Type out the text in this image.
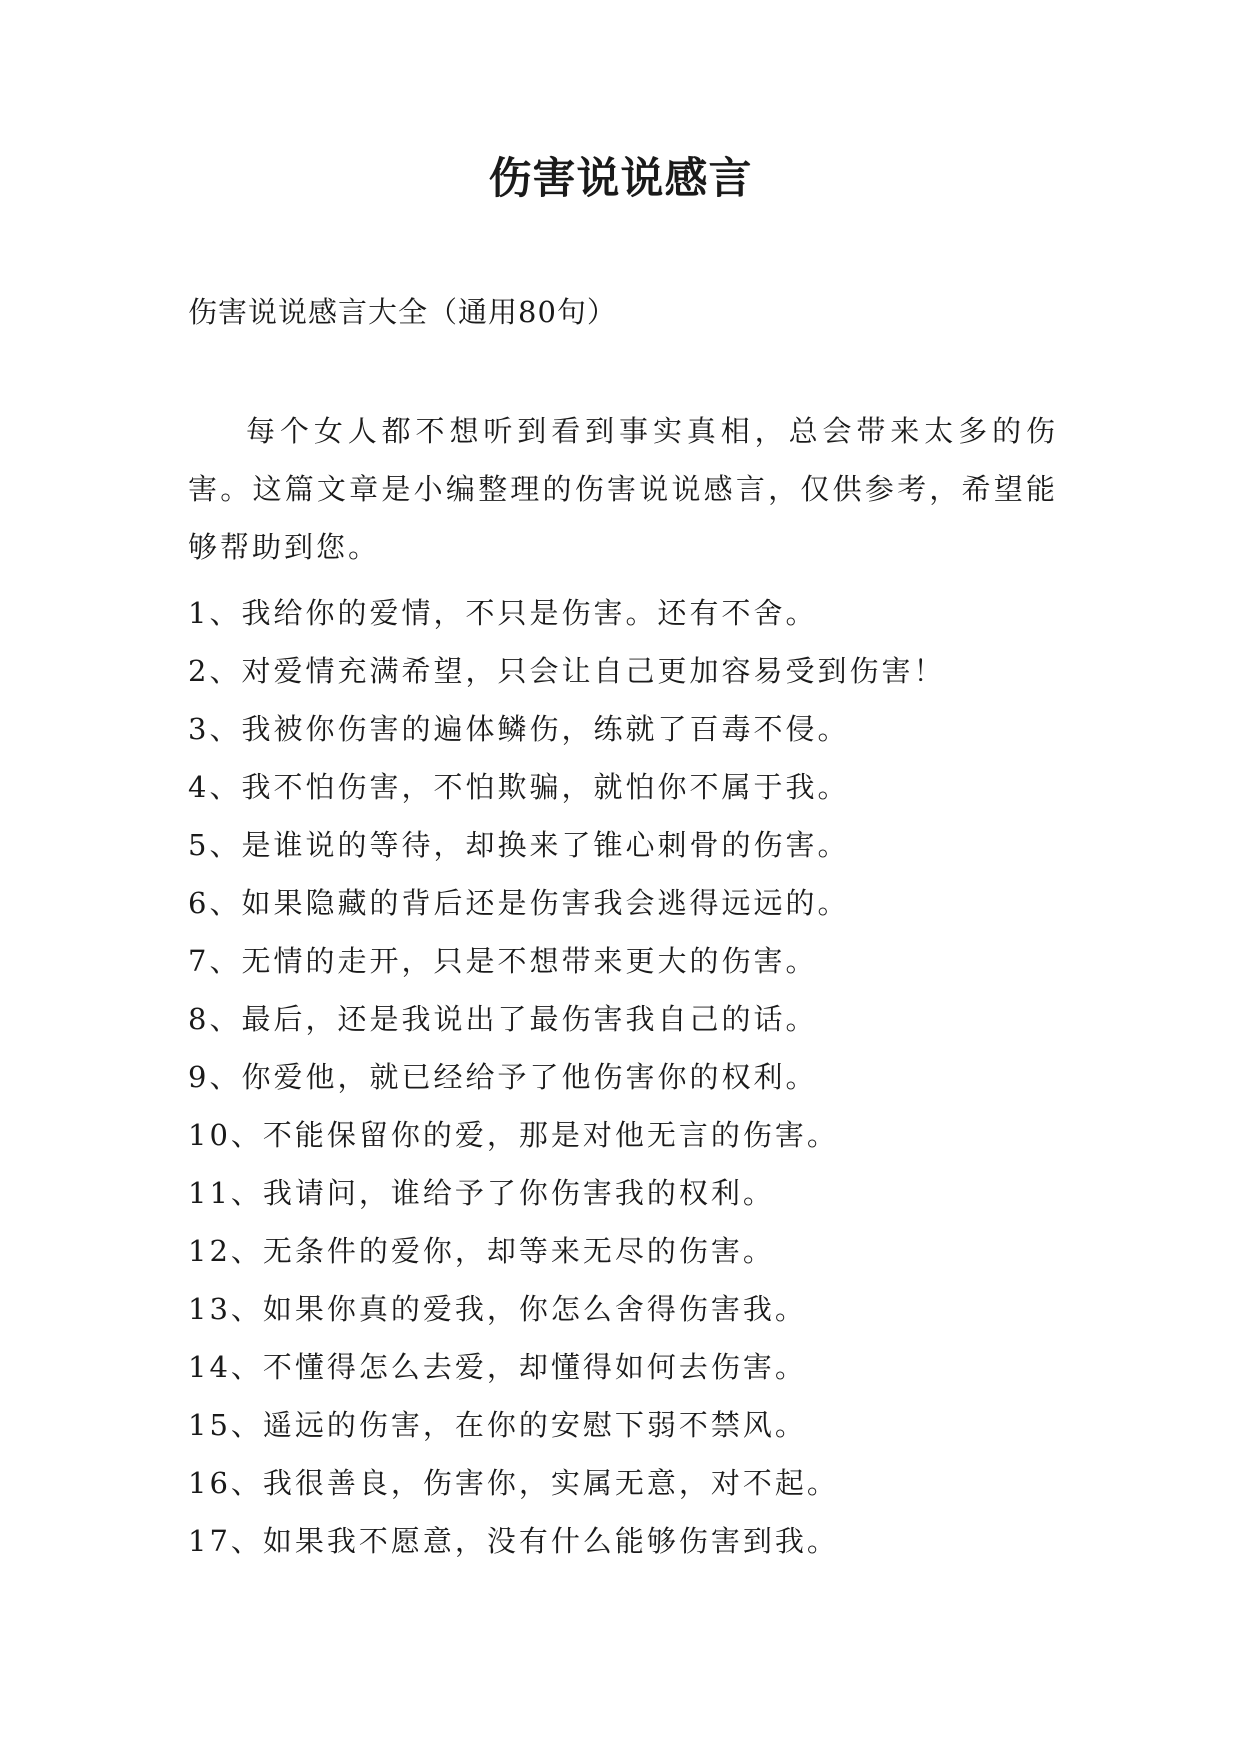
伤害说说感言
伤害说说感言大全（通用80句）
每个女人都不想听到看到事实真相，总会带来太多的伤害。这篇文章是小编整理的伤害说说感言，仅供参考，希望能够帮助到您。
1、我给你的爱情，不只是伤害。还有不舍。
2、对爱情充满希望，只会让自己更加容易受到伤害！
3、我被你伤害的遍体鳞伤，练就了百毒不侵。
4、我不怕伤害，不怕欺骗，就怕你不属于我。
5、是谁说的等待，却换来了锥心刺骨的伤害。
6、如果隐藏的背后还是伤害我会逃得远远的。
7、无情的走开，只是不想带来更大的伤害。
8、最后，还是我说出了最伤害我自己的话。
9、你爱他，就已经给予了他伤害你的权利。
10、不能保留你的爱，那是对他无言的伤害。
11、我请问，谁给予了你伤害我的权利。
12、无条件的爱你，却等来无尽的伤害。
13、如果你真的爱我，你怎么舍得伤害我。
14、不懂得怎么去爱，却懂得如何去伤害。
15、遥远的伤害，在你的安慰下弱不禁风。
16、我很善良，伤害你，实属无意，对不起。
17、如果我不愿意，没有什么能够伤害到我。
